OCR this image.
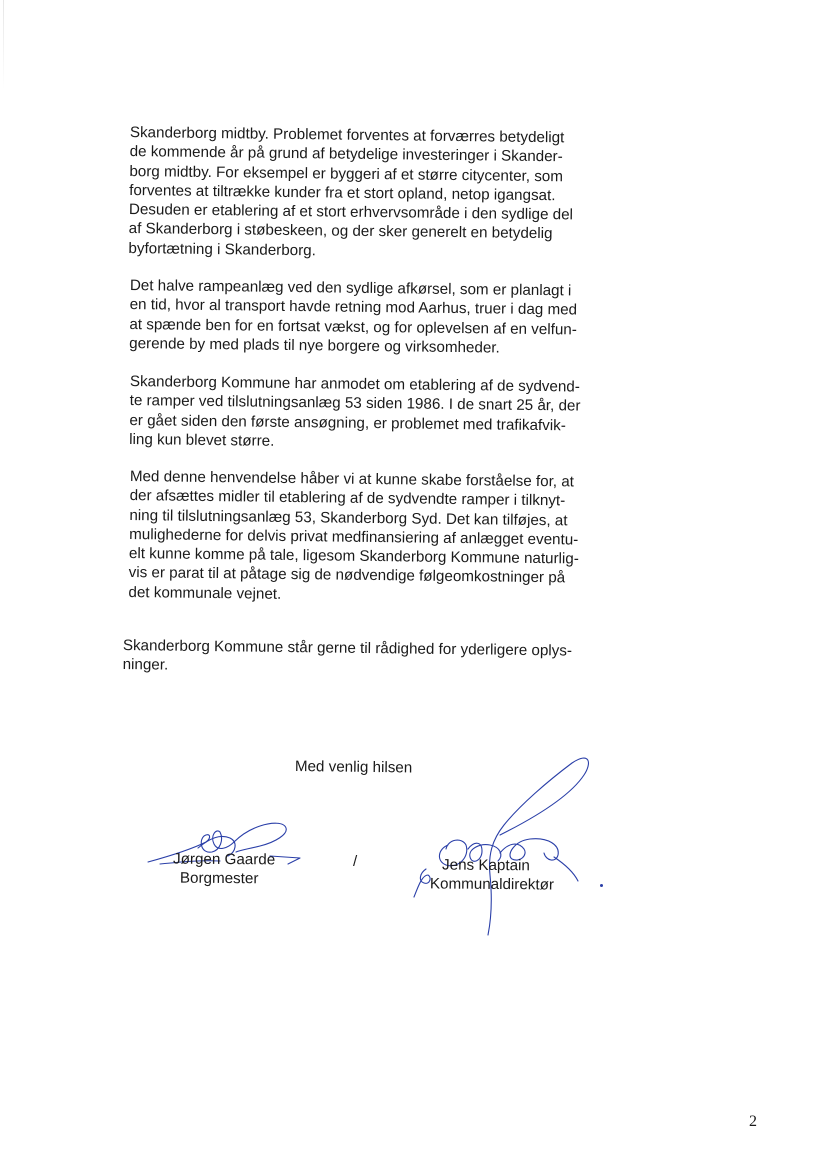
Skanderborg midtby. Problemet forventes at forværres betydeligt
de kommende år på grund af betydelige investeringer i Skander-
borg midtby. For eksempel er byggeri af et større citycenter, som
forventes at tiltrække kunder fra et stort opland, netop igangsat.
Desuden er etablering af et stort erhvervsområde i den sydlige del
af Skanderborg i støbeskeen, og der sker generelt en betydelig
byfortætning i Skanderborg.
Det halve rampeanlæg ved den sydlige afkørsel, som er planlagt i
en tid, hvor al transport havde retning mod Aarhus, truer i dag med
at spænde ben for en fortsat vækst, og for oplevelsen af en velfun-
gerende by med plads til nye borgere og virksomheder.
Skanderborg Kommune har anmodet om etablering af de sydvend-
te ramper ved tilslutningsanlæg 53 siden 1986. I de snart 25 år, der
er gået siden den første ansøgning, er problemet med trafikafvik-
ling kun blevet større.
Med denne henvendelse håber vi at kunne skabe forståelse for, at
der afsættes midler til etablering af de sydvendte ramper i tilknyt-
ning til tilslutningsanlæg 53, Skanderborg Syd. Det kan tilføjes, at
mulighederne for delvis privat medfinansiering af anlægget eventu-
elt kunne komme på tale, ligesom Skanderborg Kommune naturlig-
vis er parat til at påtage sig de nødvendige følgeomkostninger på
det kommunale vejnet.
Skanderborg Kommune står gerne til rådighed for yderligere oplys-
ninger.
Med venlig hilsen
Jørgen Gaarde
Borgmester
/	Jens Kaptain
Kommunaldirektør
2
